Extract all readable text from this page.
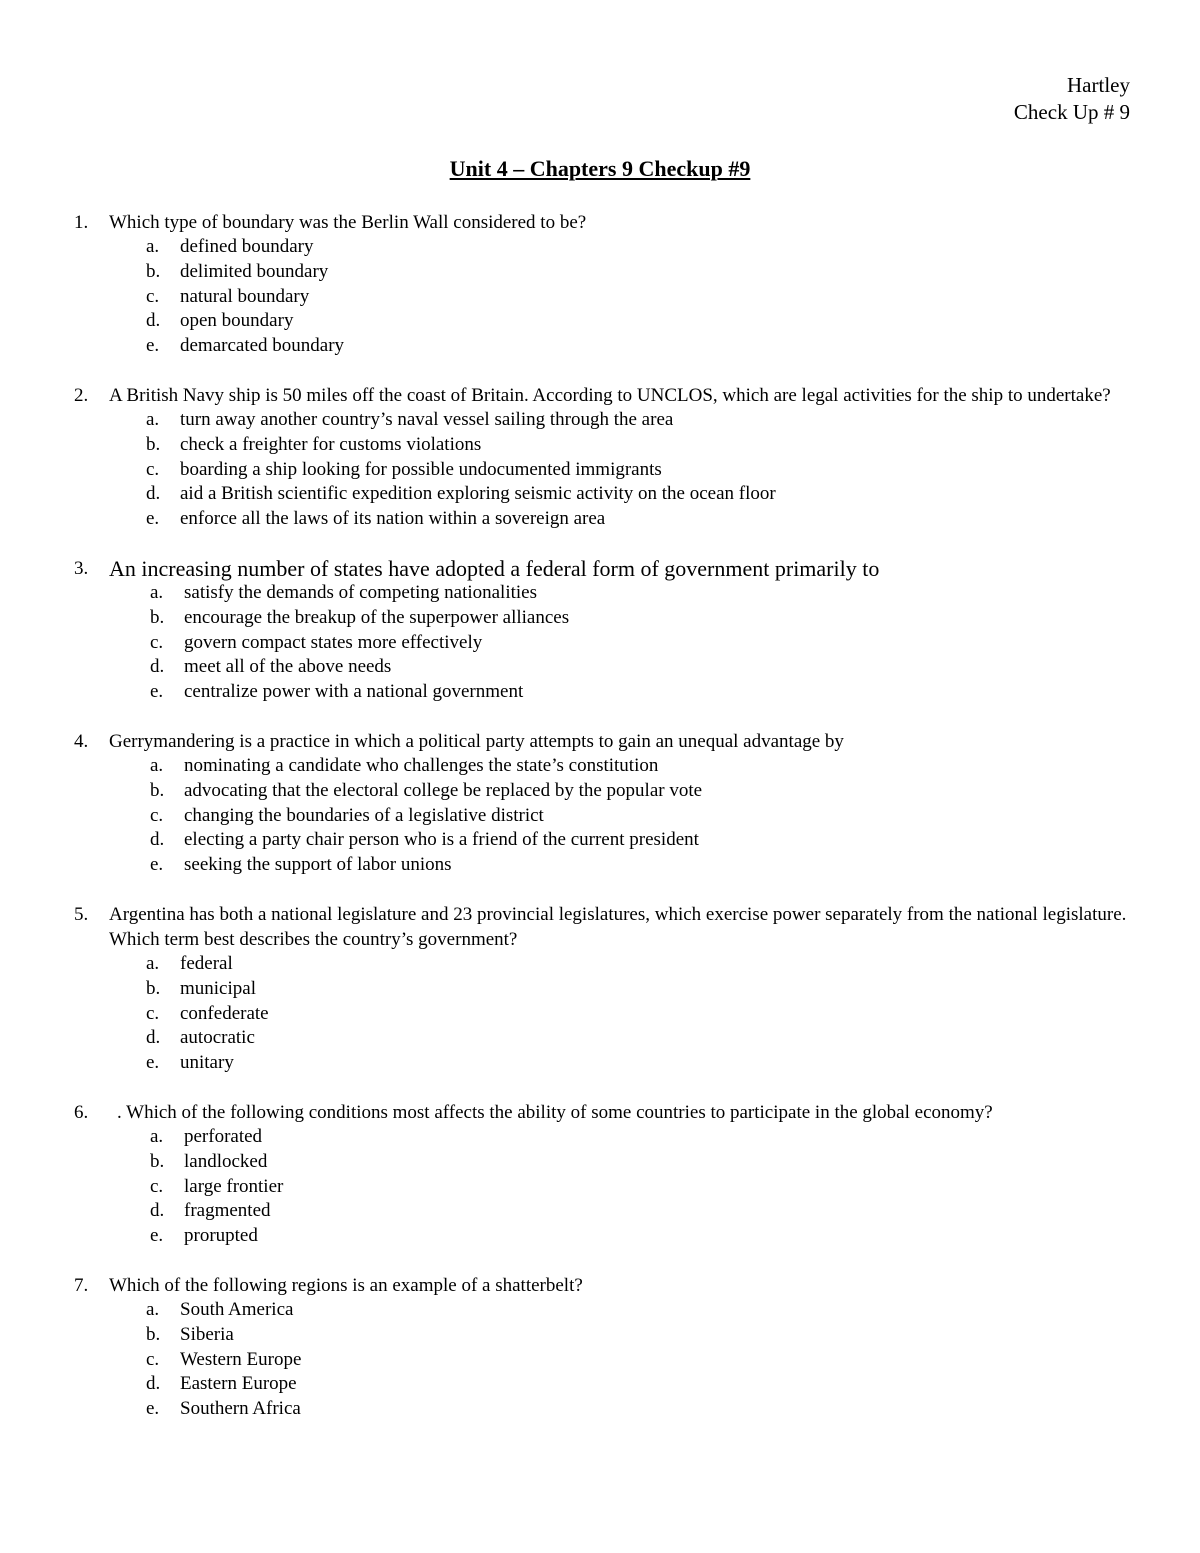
Hartley
Check Up # 9
Unit 4 – Chapters 9 Checkup #9
1. Which type of boundary was the Berlin Wall considered to be?
a. defined boundary
b. delimited boundary
c. natural boundary
d. open boundary
e. demarcated boundary
2. A British Navy ship is 50 miles off the coast of Britain. According to UNCLOS, which are legal activities for the ship to undertake?
a. turn away another country’s naval vessel sailing through the area
b. check a freighter for customs violations
c. boarding a ship looking for possible undocumented immigrants
d. aid a British scientific expedition exploring seismic activity on the ocean floor
e. enforce all the laws of its nation within a sovereign area
3. An increasing number of states have adopted a federal form of government primarily to
a. satisfy the demands of competing nationalities
b. encourage the breakup of the superpower alliances
c. govern compact states more effectively
d. meet all of the above needs
e. centralize power with a national government
4. Gerrymandering is a practice in which a political party attempts to gain an unequal advantage by
a. nominating a candidate who challenges the state’s constitution
b. advocating that the electoral college be replaced by the popular vote
c. changing the boundaries of a legislative district
d. electing a party chair person who is a friend of the current president
e. seeking the support of labor unions
5. Argentina has both a national legislature and 23 provincial legislatures, which exercise power separately from the national legislature. Which term best describes the country’s government?
a. federal
b. municipal
c. confederate
d. autocratic
e. unitary
6.	. Which of the following conditions most affects the ability of some countries to participate in the global economy?
a. perforated
b. landlocked
c. large frontier
d. fragmented
e. prorupted
7. Which of the following regions is an example of a shatterbelt?
a. South America
b. Siberia
c. Western Europe
d. Eastern Europe
e. Southern Africa
